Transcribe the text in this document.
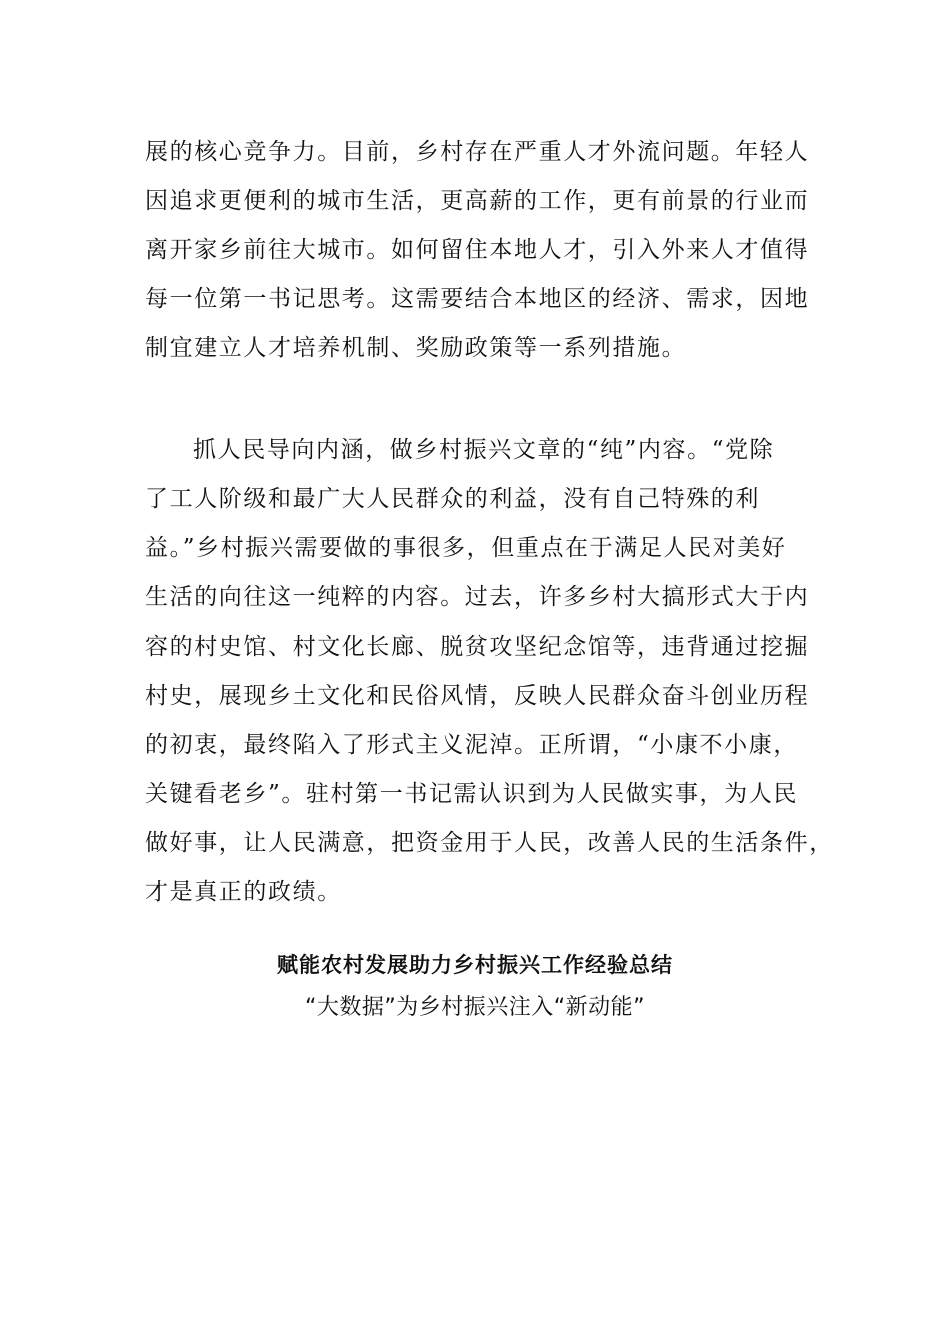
展的核心竞争力。目前，乡村存在严重人才外流问题。年轻人
因追求更便利的城市生活，更高薪的工作，更有前景的行业而
离开家乡前往大城市。如何留住本地人才，引入外来人才值得
每一位第一书记思考。这需要结合本地区的经济、需求，因地
制宜建立人才培养机制、奖励政策等一系列措施。
抓人民导向内涵，做乡村振兴文章的“纯”内容。“党除
了工人阶级和最广大人民群众的利益，没有自己特殊的利
益。”乡村振兴需要做的事很多，但重点在于满足人民对美好
生活的向往这一纯粹的内容。过去，许多乡村大搞形式大于内
容的村史馆、村文化长廊、脱贫攻坚纪念馆等，违背通过挖掘
村史，展现乡土文化和民俗风情，反映人民群众奋斗创业历程
的初衷，最终陷入了形式主义泥淖。正所谓，“小康不小康，
关键看老乡”。驻村第一书记需认识到为人民做实事，为人民
做好事，让人民满意，把资金用于人民，改善人民的生活条件，
才是真正的政绩。
赋能农村发展助力乡村振兴工作经验总结
“大数据”为乡村振兴注入“新动能”
